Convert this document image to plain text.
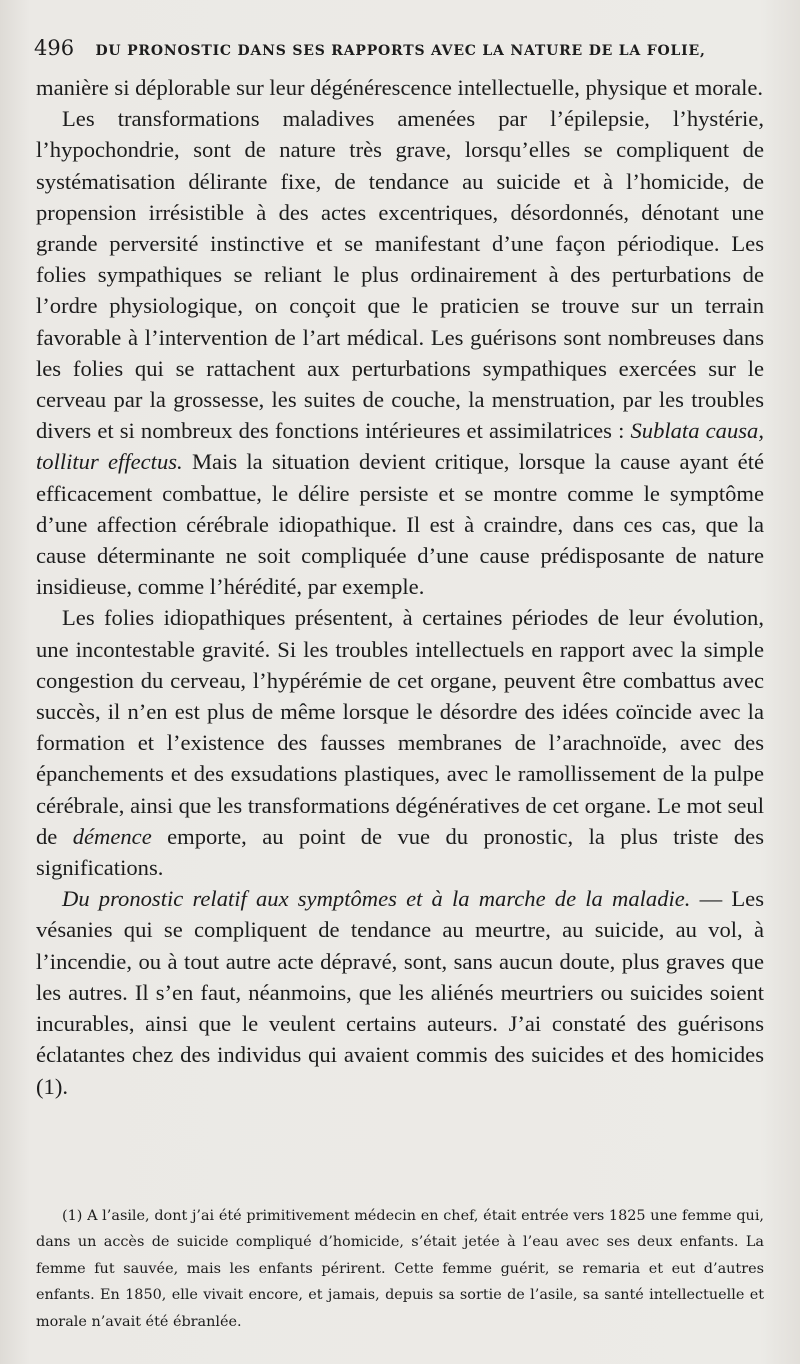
496 DU PRONOSTIC DANS SES RAPPORTS AVEC LA NATURE DE LA FOLIE,

manière si déplorable sur leur dégénérescence intellectuelle, physique et morale.

Les transformations maladives amenées par l’épilepsie, l’hystérie, l’hypochondrie, sont de nature très grave, lorsqu’elles se compliquent de systématisation délirante fixe, de tendance au suicide et à l’homicide, de propension irrésistible à des actes excentriques, désordonnés, dénotant une grande perversité instinctive et se manifestant d’une façon périodique. Les folies sympathiques se reliant le plus ordinairement à des perturbations de l’ordre physiologique, on conçoit que le praticien se trouve sur un terrain favorable à l’intervention de l’art médical. Les guérisons sont nombreuses dans les folies qui se rattachent aux perturbations sympathiques exercées sur le cerveau par la grossesse, les suites de couche, la menstruation, par les troubles divers et si nombreux des fonctions intérieures et assimilatrices : Sublata causa, tollitur effectus. Mais la situation devient critique, lorsque la cause ayant été efficacement combattue, le délire persiste et se montre comme le symptôme d’une affection cérébrale idiopathique. Il est à craindre, dans ces cas, que la cause déterminante ne soit compliquée d’une cause prédisposante de nature insidieuse, comme l’hérédité, par exemple.

Les folies idiopathiques présentent, à certaines périodes de leur évolution, une incontestable gravité. Si les troubles intellectuels en rapport avec la simple congestion du cerveau, l’hypérémie de cet organe, peuvent être combattus avec succès, il n’en est plus de même lorsque le désordre des idées coïncide avec la formation et l’existence des fausses membranes de l’arachnoïde, avec des épanchements et des exsudations plastiques, avec le ramollissement de la pulpe cérébrale, ainsi que les transformations dégénératives de cet organe. Le mot seul de démence emporte, au point de vue du pronostic, la plus triste des significations.

Du pronostic relatif aux symptômes et à la marche de la maladie. — Les vésanies qui se compliquent de tendance au meurtre, au suicide, au vol, à l’incendie, ou à tout autre acte dépravé, sont, sans aucun doute, plus graves que les autres. Il s’en faut, néanmoins, que les aliénés meurtriers ou suicides soient incurables, ainsi que le veulent certains auteurs. J’ai constaté des guérisons éclatantes chez des individus qui avaient commis des suicides et des homicides (1).

(1) A l’asile, dont j’ai été primitivement médecin en chef, était entrée vers 1825 une femme qui, dans un accès de suicide compliqué d’homicide, s’était jetée à l’eau avec ses deux enfants. La femme fut sauvée, mais les enfants périrent. Cette femme guérit, se remaria et eut d’autres enfants. En 1850, elle vivait encore, et jamais, depuis sa sortie de l’asile, sa santé intellectuelle et morale n’avait été ébranlée.
